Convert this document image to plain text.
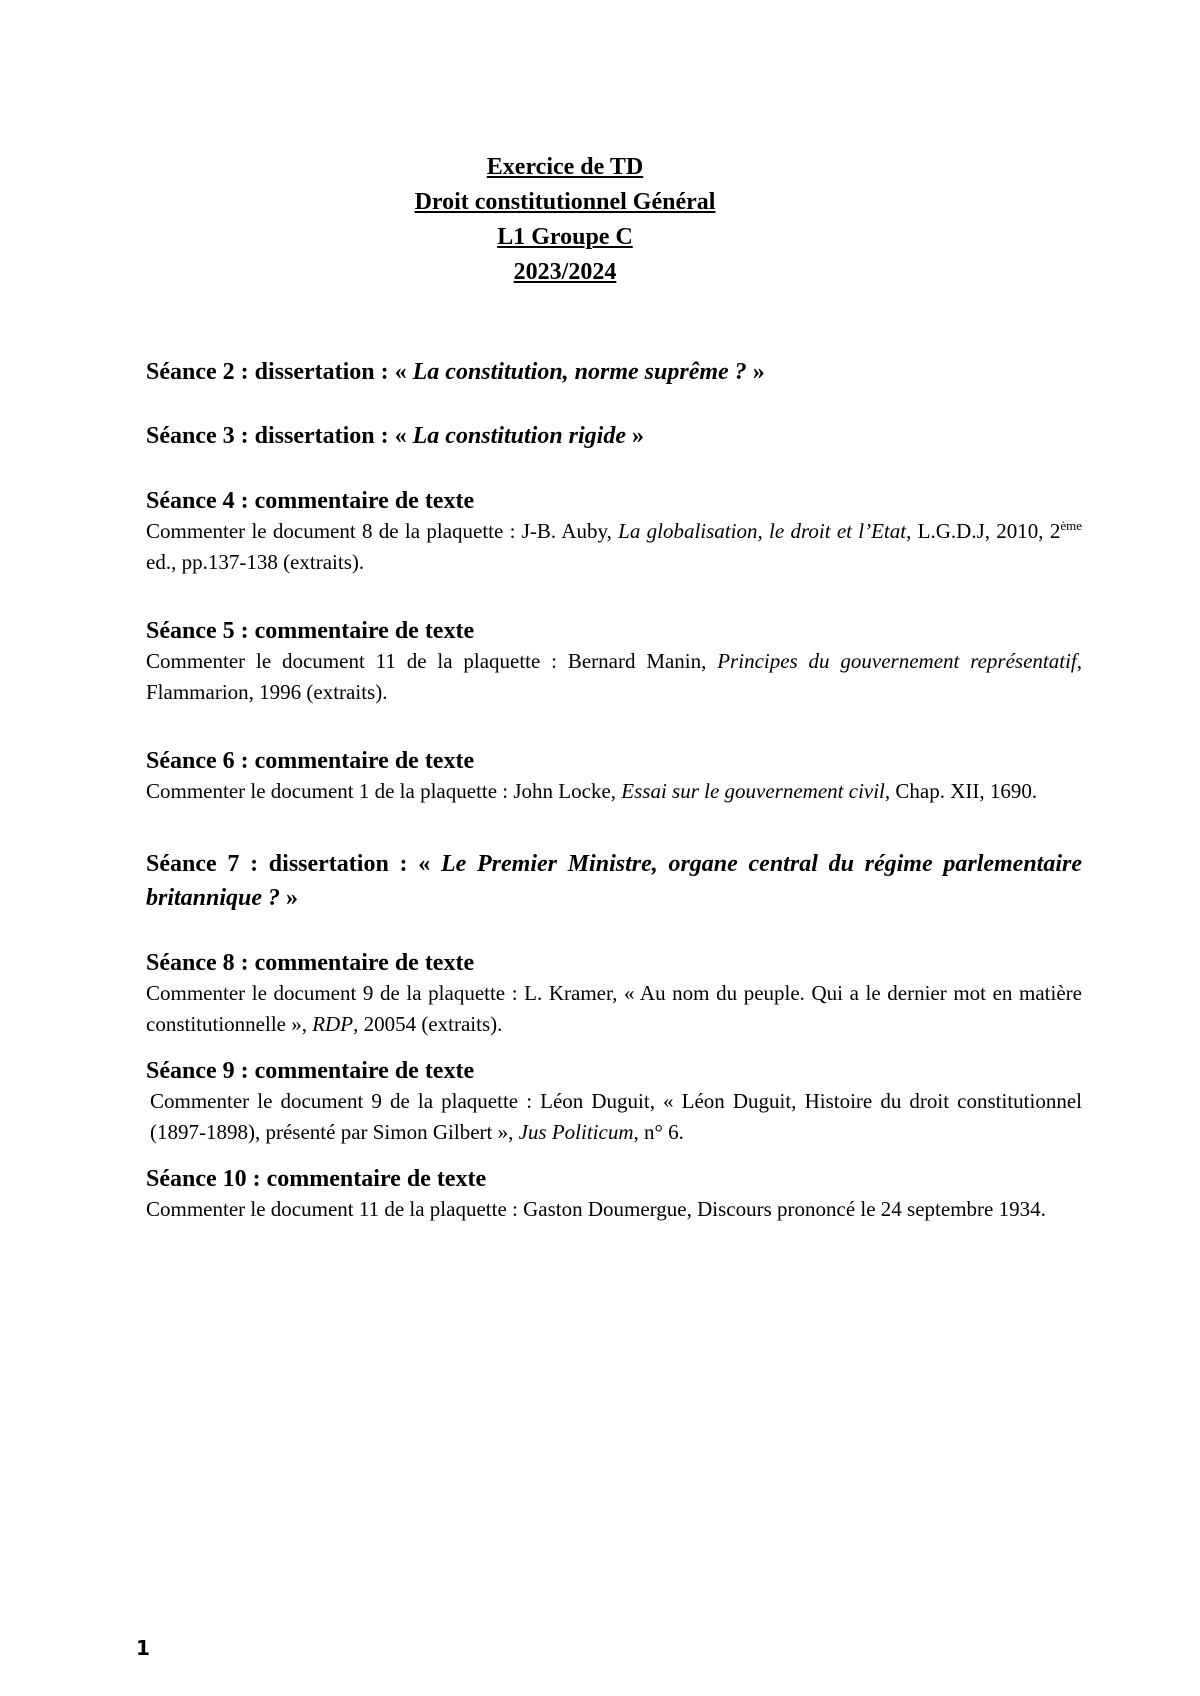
Exercice de TD
Droit constitutionnel Général
L1 Groupe C
2023/2024

Séance 2 : dissertation : « La constitution, norme suprême ? »

Séance 3 : dissertation : « La constitution rigide »

Séance 4 : commentaire de texte

Commenter le document 8 de la plaquette : J-B. Auby, La globalisation, le droit et l’Etat, L.G.D.J, 2010, 2ème ed., pp.137-138 (extraits).

Séance 5 : commentaire de texte

Commenter le document 11 de la plaquette : Bernard Manin, Principes du gouvernement représentatif, Flammarion, 1996 (extraits).

Séance 6 : commentaire de texte

Commenter le document 1 de la plaquette : John Locke, Essai sur le gouvernement civil, Chap. XII, 1690.

Séance 7 : dissertation : « Le Premier Ministre, organe central du régime parlementaire britannique ? »

Séance 8 : commentaire de texte

Commenter le document 9 de la plaquette : L. Kramer, « Au nom du peuple. Qui a le dernier mot en matière constitutionnelle », RDP, 20054 (extraits).

Séance 9 : commentaire de texte

Commenter le document 9 de la plaquette : Léon Duguit, « Léon Duguit, Histoire du droit constitutionnel (1897-1898), présenté par Simon Gilbert », Jus Politicum, n° 6.

Séance 10 : commentaire de texte

Commenter le document 11 de la plaquette : Gaston Doumergue, Discours prononcé le 24 septembre 1934.

1
